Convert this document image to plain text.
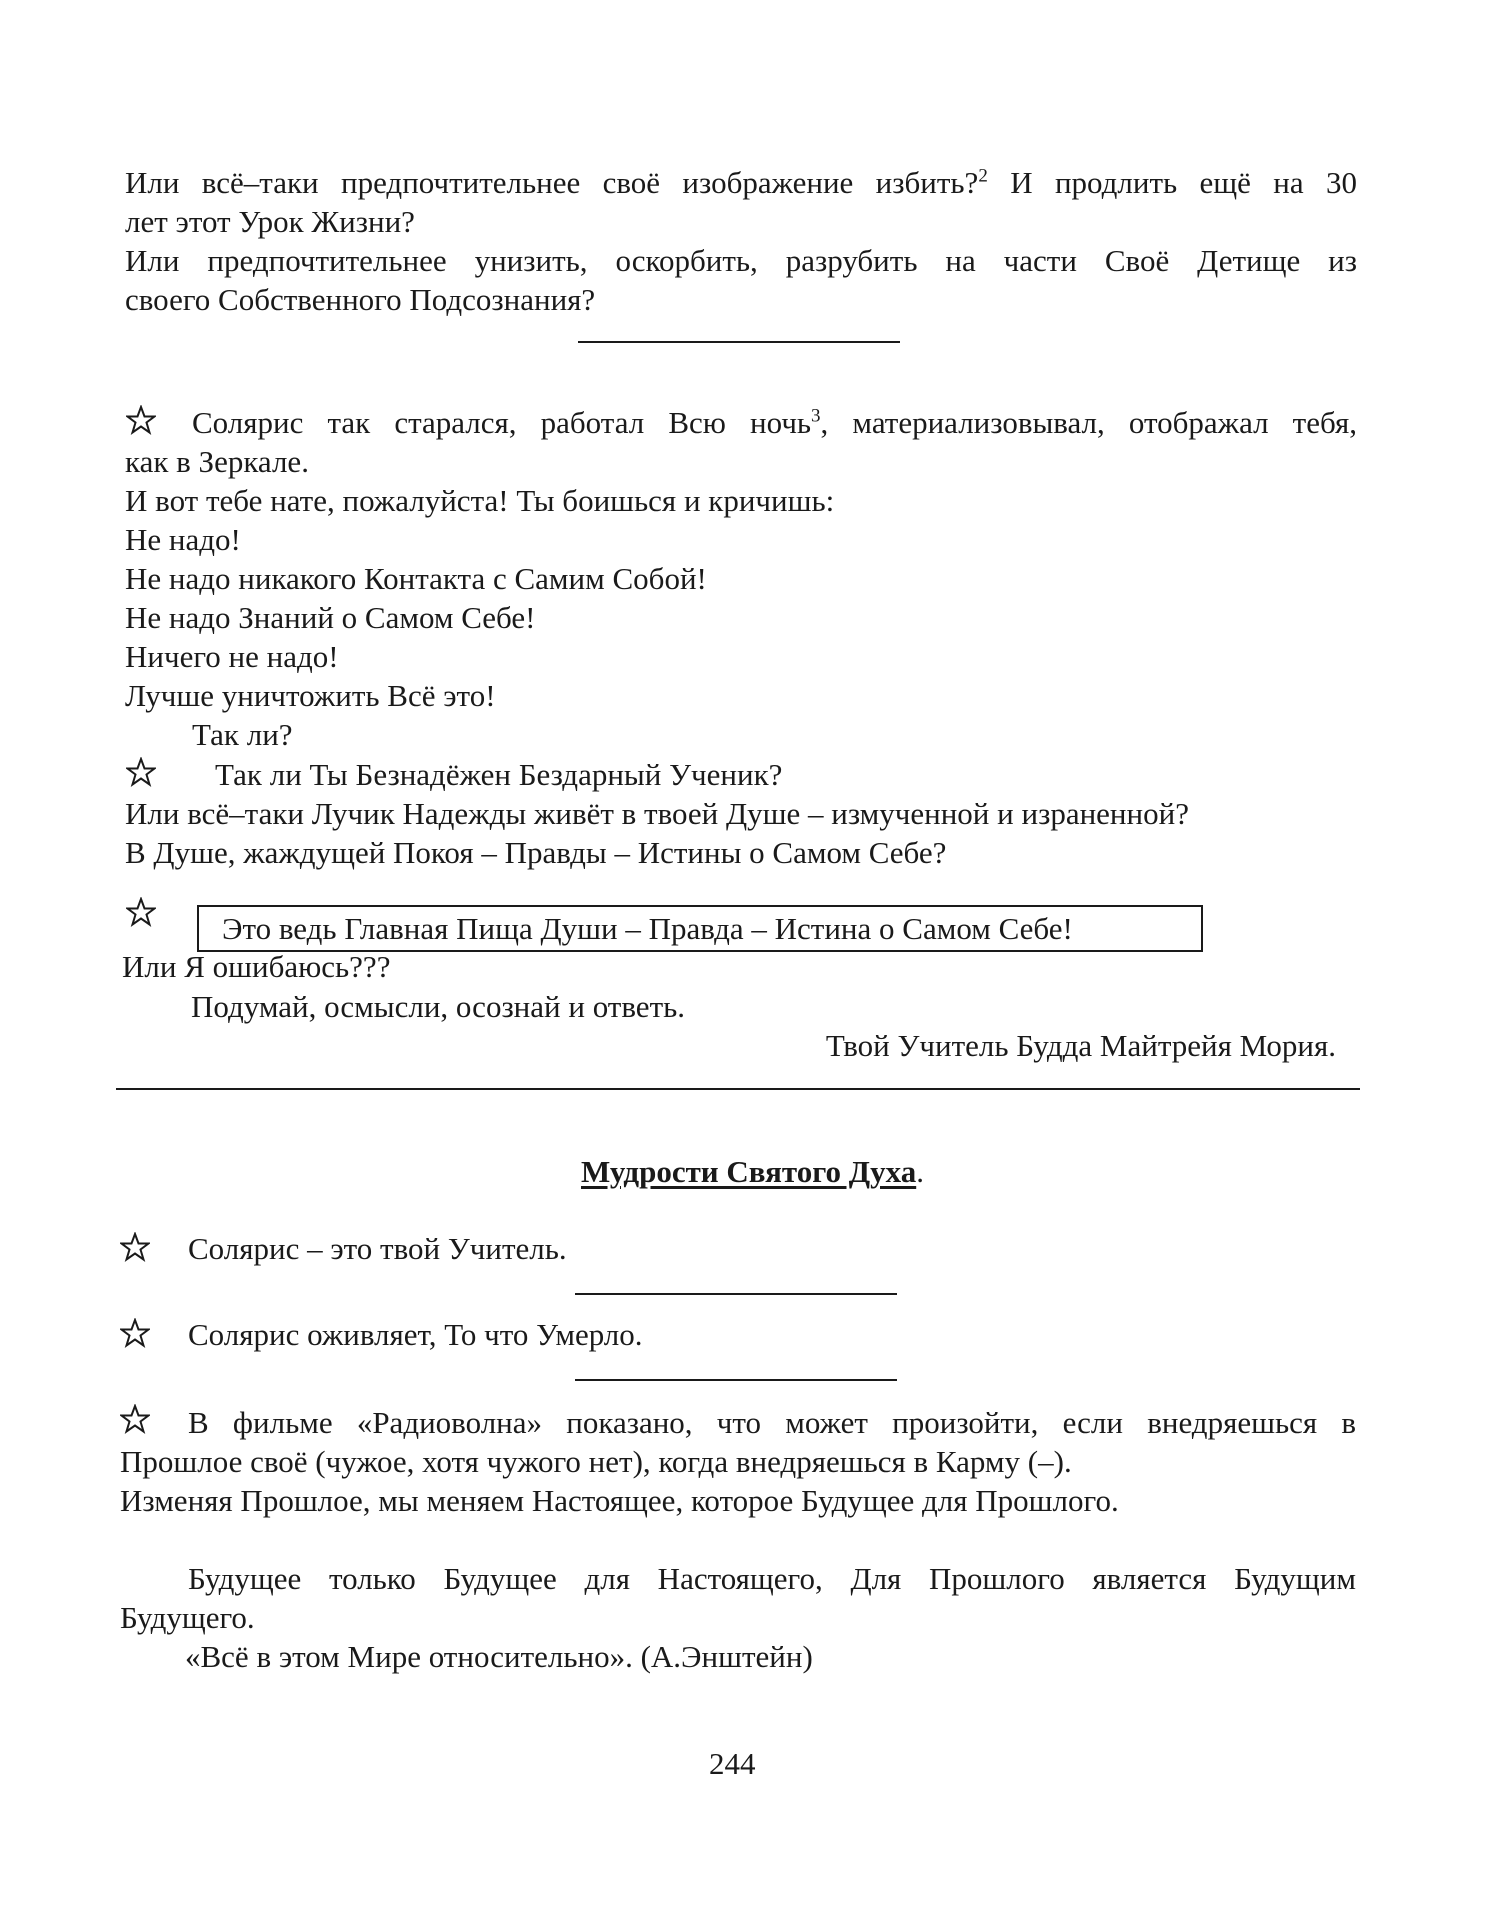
Или всё–таки предпочтительнее своё изображение избить?$^2$ И продлить ещё на 30
лет этот Урок Жизни?
Или предпочтительнее унизить, оскорбить, разрубить на части Своё Детище из
своего Собственного Подсознания?
Солярис так старался, работал Всю ночь$^3$, материализовывал, отображал тебя,
как в Зеркале.
И вот тебе нате, пожалуйста! Ты боишься и кричишь:
Не надо!
Не надо никакого Контакта с Самим Собой!
Не надо Знаний о Самом Себе!
Ничего не надо!
Лучше уничтожить Всё это!
Так ли?
Так ли Ты Безнадёжен Бездарный Ученик?
Или всё–таки Лучик Надежды живёт в твоей Душе – измученной и израненной?
В Душе, жаждущей Покоя – Правды – Истины о Самом Себе?
Это ведь Главная Пища Души – Правда – Истина о Самом Себе!
Или Я ошибаюсь???
Подумай, осмысли, осознай и ответь.
Твой Учитель Будда Майтрейя Мория.
Мудрости Святого Духа.
Солярис – это твой Учитель.
Солярис оживляет, То что Умерло.
В фильме «Радиоволна» показано, что может произойти, если внедряешься в
Прошлое своё (чужое, хотя чужого нет), когда внедряешься в Карму (–).
Изменяя Прошлое, мы меняем Настоящее, которое Будущее для Прошлого.
Будущее только Будущее для Настоящего, Для Прошлого является Будущим
Будущего.
«Всё в этом Мире относительно». (А.Энштейн)
244
